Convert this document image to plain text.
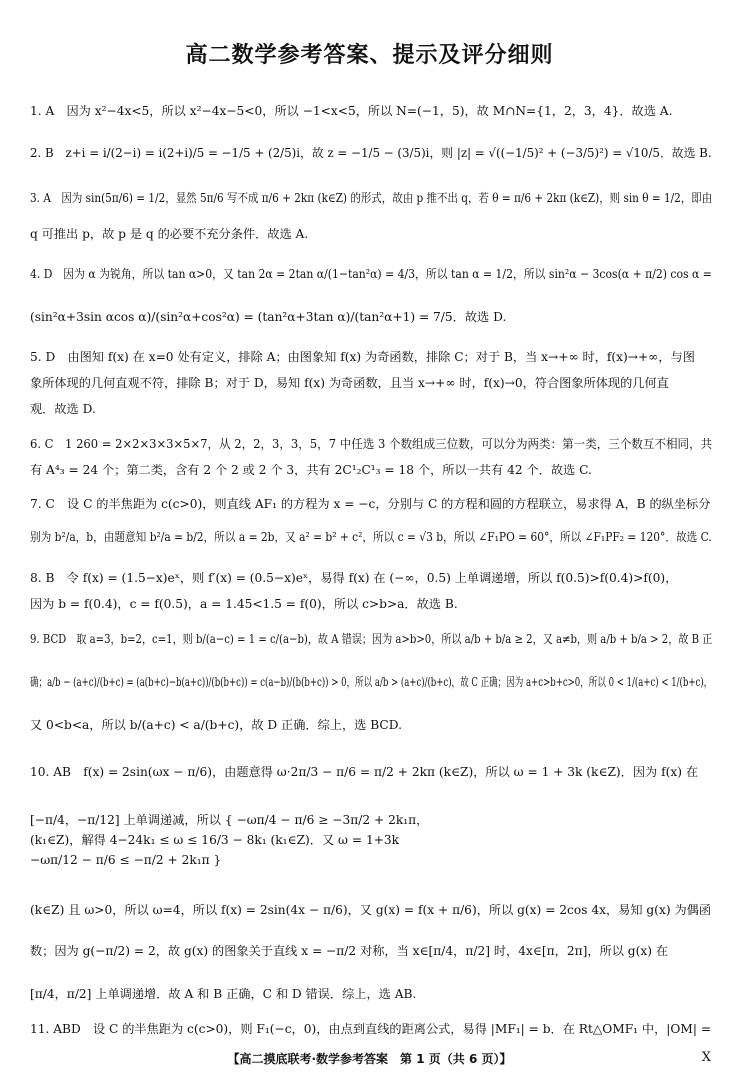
高二数学参考答案、提示及评分细则
1. A　因为 x²−4x<5，所以 x²−4x−5<0，所以 −1<x<5，所以 N=(−1，5)，故 M∩N={1，2，3，4}．故选 A.
2. B　z+i = i/(2−i) = i(2+i)/5 = −1/5 + (2/5)i，故 z = −1/5 − (3/5)i，则 |z| = √((−1/5)² + (−3/5)²) = √10/5．故选 B.
3. A　因为 sin(5π/6) = 1/2，显然 5π/6 写不成 π/6 + 2kπ (k∈Z) 的形式，故由 p 推不出 q，若 θ = π/6 + 2kπ (k∈Z)，则 sin θ = 1/2，即由
q 可推出 p，故 p 是 q 的必要不充分条件．故选 A.
4. D　因为 α 为锐角，所以 tan α>0，又 tan 2α = 2tan α/(1−tan²α) = 4/3，所以 tan α = 1/2，所以 sin²α − 3cos(α + π/2) cos α =
(sin²α+3sin αcos α)/(sin²α+cos²α) = (tan²α+3tan α)/(tan²α+1) = 7/5．故选 D.
5. D　由图知 f(x) 在 x=0 处有定义，排除 A；由图象知 f(x) 为奇函数，排除 C；对于 B，当 x→+∞ 时，f(x)→+∞，与图
象所体现的几何直观不符，排除 B；对于 D，易知 f(x) 为奇函数，且当 x→+∞ 时，f(x)→0，符合图象所体现的几何直
观．故选 D.
6. C　1 260 = 2×2×3×3×5×7，从 2，2，3，3，5，7 中任选 3 个数组成三位数，可以分为两类：第一类，三个数互不相同，共
有 A⁴₃ = 24 个；第二类，含有 2 个 2 或 2 个 3，共有 2C¹₂C¹₃ = 18 个，所以一共有 42 个．故选 C.
7. C　设 C 的半焦距为 c(c>0)，则直线 AF₁ 的方程为 x = −c，分别与 C 的方程和圆的方程联立，易求得 A，B 的纵坐标分
别为 b²/a，b，由题意知 b²/a = b/2，所以 a = 2b，又 a² = b² + c²，所以 c = √3 b，所以 ∠F₁PO = 60°，所以 ∠F₁PF₂ = 120°．故选 C.
8. B　令 f(x) = (1.5−x)eˣ，则 f′(x) = (0.5−x)eˣ，易得 f(x) 在 (−∞，0.5) 上单调递增，所以 f(0.5)>f(0.4)>f(0)，
因为 b = f(0.4)，c = f(0.5)，a = 1.45<1.5 = f(0)，所以 c>b>a．故选 B.
9. BCD　取 a=3，b=2，c=1，则 b/(a−c) = 1 = c/(a−b)，故 A 错误；因为 a>b>0，所以 a/b + b/a ≥ 2，又 a≠b，则 a/b + b/a > 2，故 B 正
确；a/b − (a+c)/(b+c) = (a(b+c)−b(a+c))/(b(b+c)) = c(a−b)/(b(b+c)) > 0，所以 a/b > (a+c)/(b+c)，故 C 正确；因为 a+c>b+c>0，所以 0 < 1/(a+c) < 1/(b+c)，
又 0<b<a，所以 b/(a+c) < a/(b+c)，故 D 正确．综上，选 BCD.
10. AB　f(x) = 2sin(ωx − π/6)，由题意得 ω·2π/3 − π/6 = π/2 + 2kπ (k∈Z)，所以 ω = 1 + 3k (k∈Z)．因为 f(x) 在
[−π/4，−π/12] 上单调递减，所以 { −ωπ/4 − π/6 ≥ −3π/2 + 2k₁π，
(k₁∈Z)，解得 4−24k₁ ≤ ω ≤ 16/3 − 8k₁ (k₁∈Z)．又 ω = 1+3k
−ωπ/12 − π/6 ≤ −π/2 + 2k₁π }
(k∈Z) 且 ω>0，所以 ω=4，所以 f(x) = 2sin(4x − π/6)，又 g(x) = f(x + π/6)，所以 g(x) = 2cos 4x，易知 g(x) 为偶函
数；因为 g(−π/2) = 2，故 g(x) 的图象关于直线 x = −π/2 对称，当 x∈[π/4，π/2] 时，4x∈[π，2π]，所以 g(x) 在
[π/4，π/2] 上单调递增．故 A 和 B 正确，C 和 D 错误．综上，选 AB.
11. ABD　设 C 的半焦距为 c(c>0)，则 F₁(−c，0)，由点到直线的距离公式，易得 |MF₁| = b．在 Rt△OMF₁ 中，|OM| =
【高二摸底联考·数学参考答案　第 1 页（共 6 页）】	X
